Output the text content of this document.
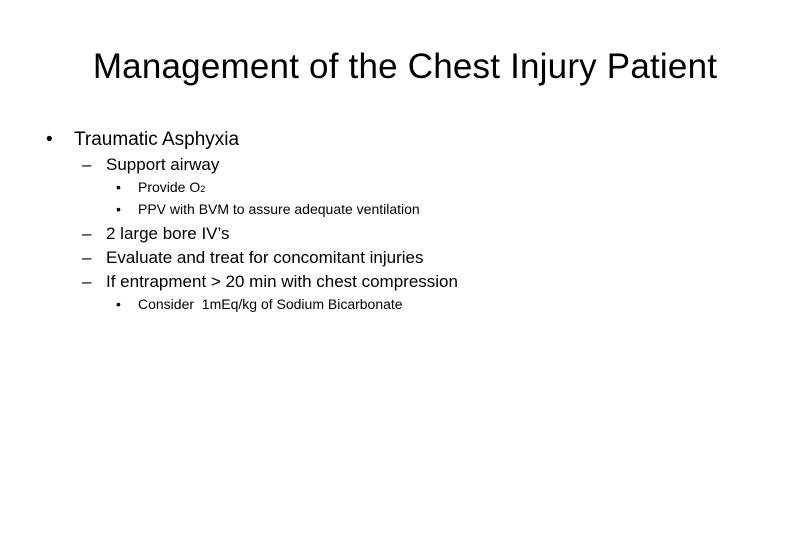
Management of the Chest Injury Patient
• Traumatic Asphyxia
– Support airway
• Provide O2
• PPV with BVM to assure adequate ventilation
– 2 large bore IV’s
– Evaluate and treat for concomitant injuries
– If entrapment > 20 min with chest compression
• Consider  1mEq/kg of Sodium Bicarbonate
